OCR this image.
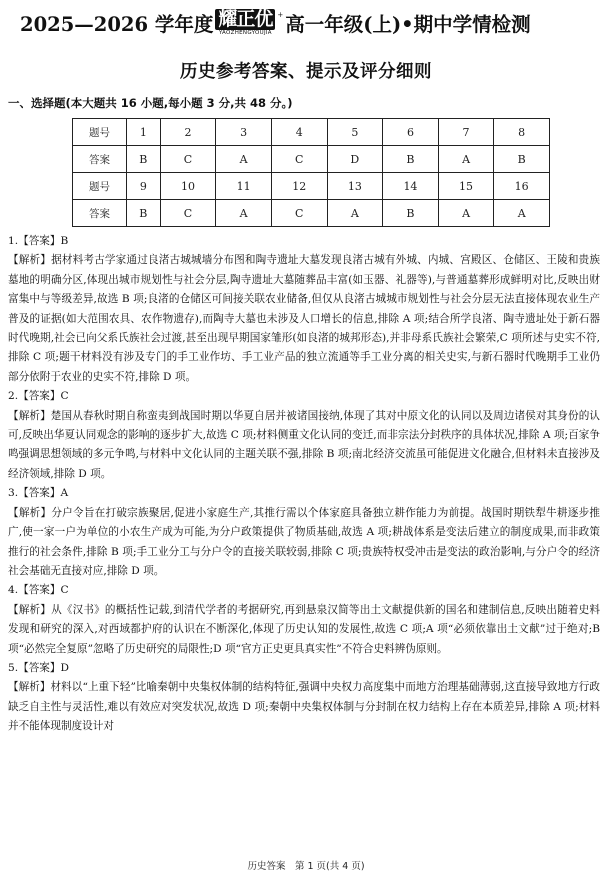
2025—2026 学年度 耀正优
YAOZHENGYOUJIA
+ 高一年级(上)•期中学情检测
历史参考答案、提示及评分细则
一、选择题(本大题共 16 小题,每小题 3 分,共 48 分。)
题号	1	2	3	4	5	6	7	8
答案	B	C	A	C	D	B	A	B
题号	9	10	11	12	13	14	15	16
答案	B	C	A	C	A	B	A	A
1.【答案】B
【解析】据材料考古学家通过良渚古城城墙分布图和陶寺遗址大墓发现良渚古城有外城、内城、宫殿区、仓储区、王陵和贵族墓地的明确分区,体现出城市规划性与社会分层,陶寺遗址大墓随葬品丰富(如玉器、礼器等),与普通墓葬形成鲜明对比,反映出财富集中与等级差异,故选 B 项;良渚的仓储区可间接关联农业储备,但仅从良渚古城城市规划性与社会分层无法直接体现农业生产普及的证据(如大范围农具、农作物遗存),而陶寺大墓也未涉及人口增长的信息,排除 A 项;结合所学良渚、陶寺遗址处于新石器时代晚期,社会已向父系氏族社会过渡,甚至出现早期国家雏形(如良渚的城邦形态),并非母系氏族社会繁荣,C 项所述与史实不符,排除 C 项;题干材料没有涉及专门的手工业作坊、手工业产品的独立流通等手工业分离的相关史实,与新石器时代晚期手工业仍部分依附于农业的史实不符,排除 D 项。
2.【答案】C
【解析】楚国从春秋时期自称蛮夷到战国时期以华夏自居并被诸国接纳,体现了其对中原文化的认同以及周边诸侯对其身份的认可,反映出华夏认同观念的影响的逐步扩大,故选 C 项;材料侧重文化认同的变迁,而非宗法分封秩序的具体状况,排除 A 项;百家争鸣强调思想领域的多元争鸣,与材料中文化认同的主题关联不强,排除 B 项;南北经济交流虽可能促进文化融合,但材料未直接涉及经济领域,排除 D 项。
3.【答案】A
【解析】分户令旨在打破宗族聚居,促进小家庭生产,其推行需以个体家庭具备独立耕作能力为前提。战国时期铁犁牛耕逐步推广,使一家一户为单位的小农生产成为可能,为分户政策提供了物质基础,故选 A 项;耕战体系是变法后建立的制度成果,而非政策推行的社会条件,排除 B 项;手工业分工与分户令的直接关联较弱,排除 C 项;贵族特权受冲击是变法的政治影响,与分户令的经济社会基础无直接对应,排除 D 项。
4.【答案】C
【解析】从《汉书》的概括性记载,到清代学者的考据研究,再到悬泉汉简等出土文献提供新的国名和建制信息,反映出随着史料发现和研究的深入,对西域都护府的认识在不断深化,体现了历史认知的发展性,故选 C 项;A 项“必须依靠出土文献”过于绝对;B 项“必然完全复原”忽略了历史研究的局限性;D 项“官方正史更具真实性”不符合史料辨伪原则。
5.【答案】D
【解析】材料以“上重下轻”比喻秦朝中央集权体制的结构特征,强调中央权力高度集中而地方治理基础薄弱,这直接导致地方行政缺乏自主性与灵活性,难以有效应对突发状况,故选 D 项;秦朝中央集权体制与分封制在权力结构上存在本质差异,排除 A 项;材料并不能体现制度设计对
历史答案　第 1 页(共 4 页)
